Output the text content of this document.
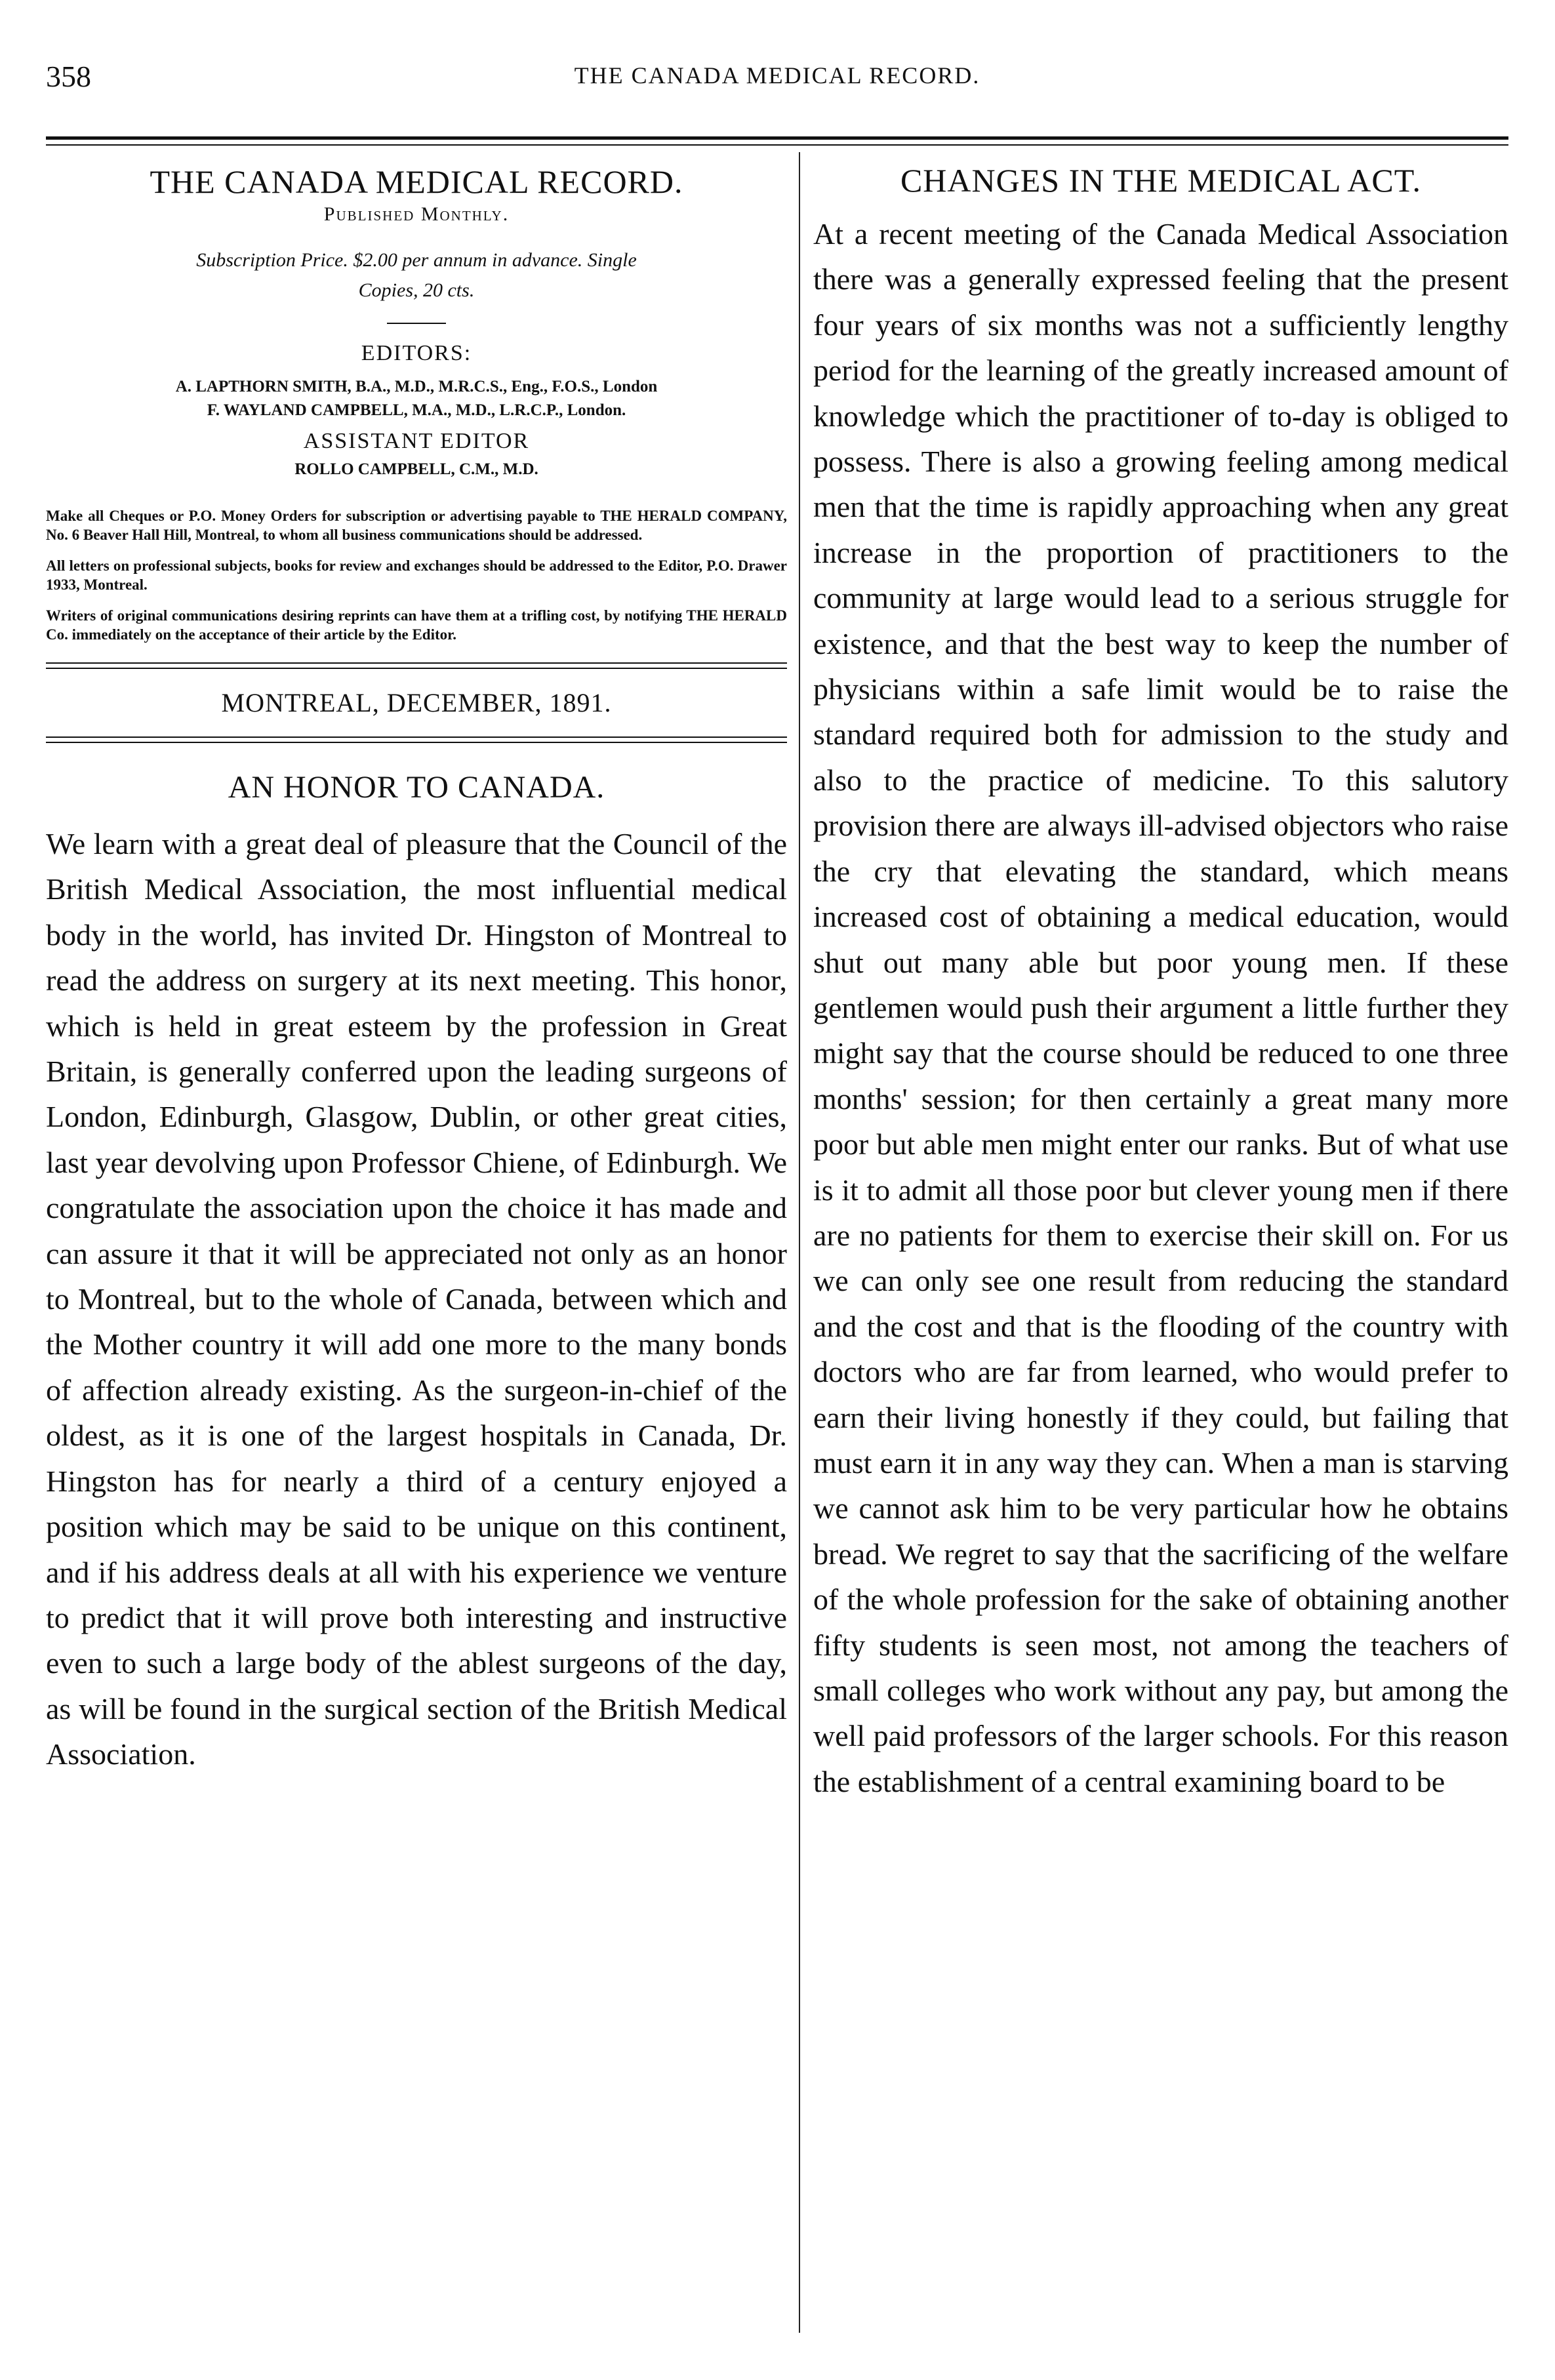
358	THE CANADA MEDICAL RECORD.
THE CANADA MEDICAL RECORD.
Published Monthly.
Subscription Price. $2.00 per annum in advance. Single
Copies, 20 cts.
EDITORS:
A. LAPTHORN SMITH, B.A., M.D., M.R.C.S., Eng., F.O.S., London
F. WAYLAND CAMPBELL, M.A., M.D., L.R.C.P., London.
ASSISTANT EDITOR
ROLLO CAMPBELL, C.M., M.D.

Make all Cheques or P.O. Money Orders for subscription or advertising payable to THE HERALD COMPANY, No. 6 Beaver Hall Hill, Montreal, to whom all business communications should be addressed.

All letters on professional subjects, books for review and exchanges should be addressed to the Editor, P.O. Drawer 1933, Montreal.

Writers of original communications desiring reprints can have them at a trifling cost, by notifying THE HERALD Co. immediately on the acceptance of their article by the Editor.

MONTREAL, DECEMBER, 1891.
AN HONOR TO CANADA.

We learn with a great deal of pleasure that the Council of the British Medical Association, the most influential medical body in the world, has invited Dr. Hingston of Montreal to read the address on surgery at its next meeting. This honor, which is held in great esteem by the profession in Great Britain, is generally conferred upon the leading surgeons of London, Edinburgh, Glasgow, Dublin, or other great cities, last year devolving upon Professor Chiene, of Edinburgh. We congratulate the association upon the choice it has made and can assure it that it will be appreciated not only as an honor to Montreal, but to the whole of Canada, between which and the Mother country it will add one more to the many bonds of affection already existing. As the surgeon-in-chief of the oldest, as it is one of the largest hospitals in Canada, Dr. Hingston has for nearly a third of a century enjoyed a position which may be said to be unique on this continent, and if his address deals at all with his experience we venture to predict that it will prove both interesting and instructive even to such a large body of the ablest surgeons of the day, as will be found in the surgical section of the British Medical Association.

CHANGES IN THE MEDICAL ACT.

At a recent meeting of the Canada Medical Association there was a generally expressed feeling that the present four years of six months was not a sufficiently lengthy period for the learning of the greatly increased amount of knowledge which the practitioner of to-day is obliged to possess. There is also a growing feeling among medical men that the time is rapidly approaching when any great increase in the proportion of practitioners to the community at large would lead to a serious struggle for existence, and that the best way to keep the number of physicians within a safe limit would be to raise the standard required both for admission to the study and also to the practice of medicine. To this salutory provision there are always ill-advised objectors who raise the cry that elevating the standard, which means increased cost of obtaining a medical education, would shut out many able but poor young men. If these gentlemen would push their argument a little further they might say that the course should be reduced to one three months' session; for then certainly a great many more poor but able men might enter our ranks. But of what use is it to admit all those poor but clever young men if there are no patients for them to exercise their skill on. For us we can only see one result from reducing the standard and the cost and that is the flooding of the country with doctors who are far from learned, who would prefer to earn their living honestly if they could, but failing that must earn it in any way they can. When a man is starving we cannot ask him to be very particular how he obtains bread. We regret to say that the sacrificing of the welfare of the whole profession for the sake of obtaining another fifty students is seen most, not among the teachers of small colleges who work without any pay, but among the well paid professors of the larger schools. For this reason the establishment of a central examining board to be
